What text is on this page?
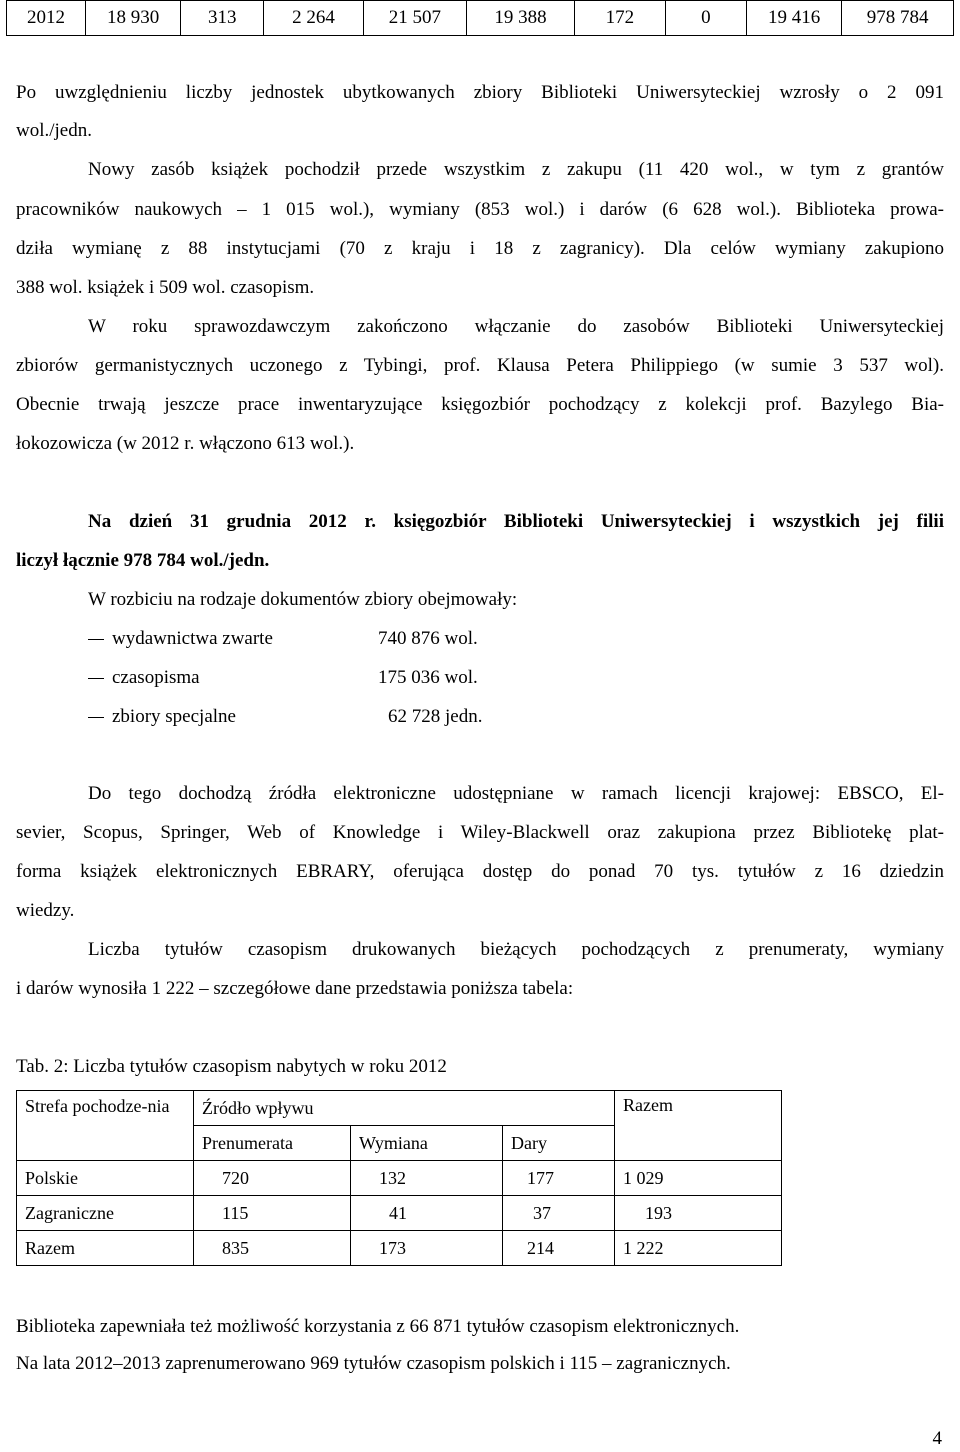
2012	18 930	313	2 264	21 507	19 388	172	0	19 416	978 784
Po uwzględnieniu liczby jednostek ubytkowanych zbiory Biblioteki Uniwersyteckiej wzrosły o 2 091
wol./jedn.
Nowy zasób książek pochodził przede wszystkim z zakupu (11 420 wol., w tym z grantów
pracowników naukowych – 1 015 wol.), wymiany (853 wol.) i darów (6 628 wol.). Biblioteka prowa-
dziła wymianę z 88 instytucjami (70 z kraju i 18 z zagranicy). Dla celów wymiany zakupiono
388 wol. książek i 509 wol. czasopism.
W roku sprawozdawczym zakończono włączanie do zasobów Biblioteki Uniwersyteckiej
zbiorów germanistycznych uczonego z Tybingi, prof. Klausa Petera Philippiego (w sumie 3 537 wol).
Obecnie trwają jeszcze prace inwentaryzujące księgozbiór pochodzący z kolekcji prof. Bazylego Bia-
łokozowicza (w 2012 r. włączono 613 wol.).
Na dzień 31 grudnia 2012 r. księgozbiór Biblioteki Uniwersyteckiej i wszystkich jej filii
liczył łącznie 978 784 wol./jedn.
W rozbiciu na rodzaje dokumentów zbiory obejmowały:
wydawnictwa zwarte	740 876 wol.
czasopisma	175 036 wol.
zbiory specjalne	62 728 jedn.
Do tego dochodzą źródła elektroniczne udostępniane w ramach licencji krajowej: EBSCO, El-
sevier, Scopus, Springer, Web of Knowledge i Wiley-Blackwell oraz zakupiona przez Bibliotekę plat-
forma książek elektronicznych EBRARY, oferująca dostęp do ponad 70 tys. tytułów z 16 dziedzin
wiedzy.
Liczba tytułów czasopism drukowanych bieżących pochodzących z prenumeraty, wymiany
i darów wynosiła 1 222 – szczegółowe dane przedstawia poniższa tabela:
Tab. 2: Liczba tytułów czasopism nabytych w roku 2012
Strefa pochodze-nia	Źródło wpływu			Razem
	Prenumerata	Wymiana	Dary	
Polskie	720	132	177	1 029
Zagraniczne	115	41	37	193
Razem	835	173	214	1 222
Biblioteka zapewniała też możliwość korzystania z 66 871 tytułów czasopism elektronicznych.
Na lata 2012–2013 zaprenumerowano 969 tytułów czasopism polskich i 115 – zagranicznych.
4
